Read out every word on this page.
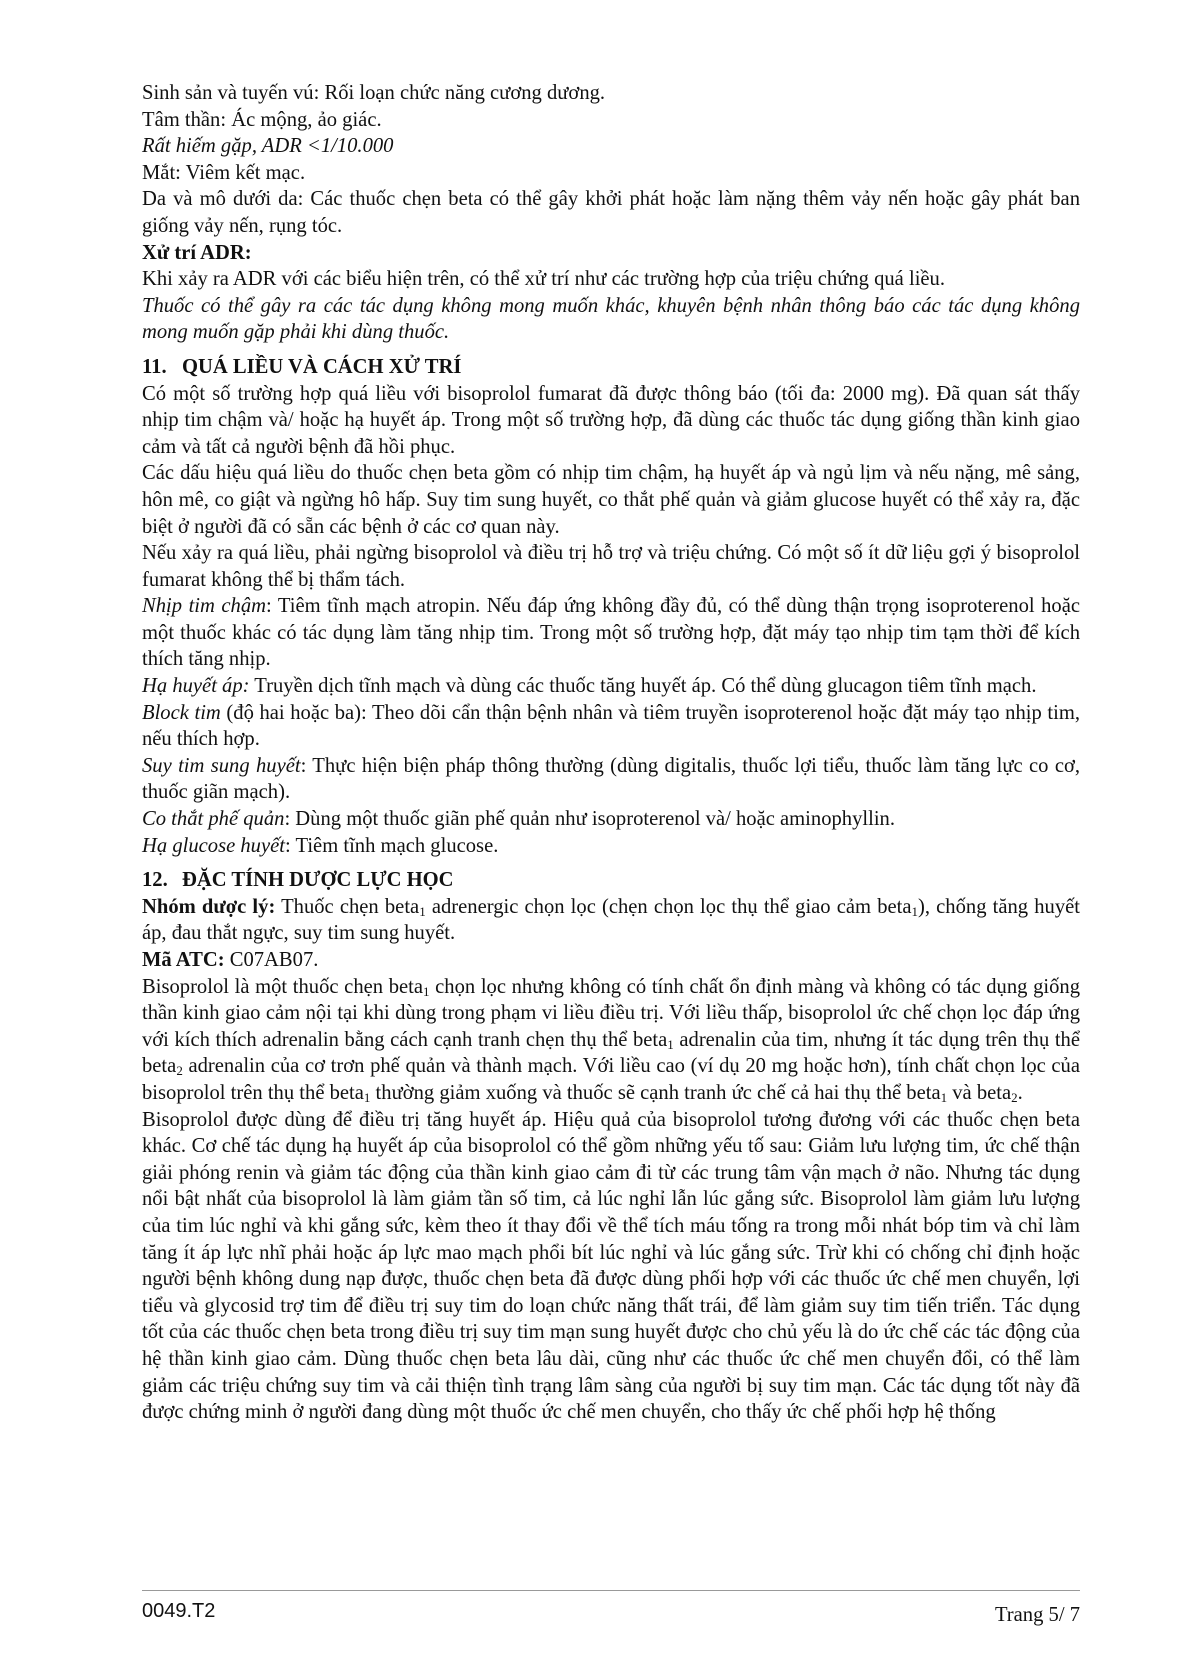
Sinh sản và tuyến vú: Rối loạn chức năng cương dương.

Tâm thần: Ác mộng, ảo giác.

Rất hiếm gặp, ADR <1/10.000

Mắt: Viêm kết mạc.

Da và mô dưới da: Các thuốc chẹn beta có thể gây khởi phát hoặc làm nặng thêm vảy nến hoặc gây phát ban giống vảy nến, rụng tóc.

Xử trí ADR:

Khi xảy ra ADR với các biểu hiện trên, có thể xử trí như các trường hợp của triệu chứng quá liều.

Thuốc có thể gây ra các tác dụng không mong muốn khác, khuyên bệnh nhân thông báo các tác dụng không mong muốn gặp phải khi dùng thuốc.

11. QUÁ LIỀU VÀ CÁCH XỬ TRÍ

Có một số trường hợp quá liều với bisoprolol fumarat đã được thông báo (tối đa: 2000 mg). Đã quan sát thấy nhịp tim chậm và/ hoặc hạ huyết áp. Trong một số trường hợp, đã dùng các thuốc tác dụng giống thần kinh giao cảm và tất cả người bệnh đã hồi phục.

Các dấu hiệu quá liều do thuốc chẹn beta gồm có nhịp tim chậm, hạ huyết áp và ngủ lịm và nếu nặng, mê sảng, hôn mê, co giật và ngừng hô hấp. Suy tim sung huyết, co thắt phế quản và giảm glucose huyết có thể xảy ra, đặc biệt ở người đã có sẵn các bệnh ở các cơ quan này.

Nếu xảy ra quá liều, phải ngừng bisoprolol và điều trị hỗ trợ và triệu chứng. Có một số ít dữ liệu gợi ý bisoprolol fumarat không thể bị thẩm tách.

Nhịp tim chậm: Tiêm tĩnh mạch atropin. Nếu đáp ứng không đầy đủ, có thể dùng thận trọng isoproterenol hoặc một thuốc khác có tác dụng làm tăng nhịp tim. Trong một số trường hợp, đặt máy tạo nhịp tim tạm thời để kích thích tăng nhịp.

Hạ huyết áp: Truyền dịch tĩnh mạch và dùng các thuốc tăng huyết áp. Có thể dùng glucagon tiêm tĩnh mạch.

Block tim (độ hai hoặc ba): Theo dõi cẩn thận bệnh nhân và tiêm truyền isoproterenol hoặc đặt máy tạo nhịp tim, nếu thích hợp.

Suy tim sung huyết: Thực hiện biện pháp thông thường (dùng digitalis, thuốc lợi tiểu, thuốc làm tăng lực co cơ, thuốc giãn mạch).

Co thắt phế quản: Dùng một thuốc giãn phế quản như isoproterenol và/ hoặc aminophyllin.

Hạ glucose huyết: Tiêm tĩnh mạch glucose.

12. ĐẶC TÍNH DƯỢC LỰC HỌC

Nhóm dược lý: Thuốc chẹn beta$_1$ adrenergic chọn lọc (chẹn chọn lọc thụ thể giao cảm beta$_1$), chống tăng huyết áp, đau thắt ngực, suy tim sung huyết.

Mã ATC: C07AB07.

Bisoprolol là một thuốc chẹn beta$_1$ chọn lọc nhưng không có tính chất ổn định màng và không có tác dụng giống thần kinh giao cảm nội tại khi dùng trong phạm vi liều điều trị. Với liều thấp, bisoprolol ức chế chọn lọc đáp ứng với kích thích adrenalin bằng cách cạnh tranh chẹn thụ thể beta$_1$ adrenalin của tim, nhưng ít tác dụng trên thụ thể beta$_2$ adrenalin của cơ trơn phế quản và thành mạch. Với liều cao (ví dụ 20 mg hoặc hơn), tính chất chọn lọc của bisoprolol trên thụ thể beta$_1$ thường giảm xuống và thuốc sẽ cạnh tranh ức chế cả hai thụ thể beta$_1$ và beta$_2$.

Bisoprolol được dùng để điều trị tăng huyết áp. Hiệu quả của bisoprolol tương đương với các thuốc chẹn beta khác. Cơ chế tác dụng hạ huyết áp của bisoprolol có thể gồm những yếu tố sau: Giảm lưu lượng tim, ức chế thận giải phóng renin và giảm tác động của thần kinh giao cảm đi từ các trung tâm vận mạch ở não. Nhưng tác dụng nổi bật nhất của bisoprolol là làm giảm tần số tim, cả lúc nghỉ lẫn lúc gắng sức. Bisoprolol làm giảm lưu lượng của tim lúc nghỉ và khi gắng sức, kèm theo ít thay đổi về thể tích máu tống ra trong mỗi nhát bóp tim và chỉ làm tăng ít áp lực nhĩ phải hoặc áp lực mao mạch phổi bít lúc nghỉ và lúc gắng sức. Trừ khi có chống chỉ định hoặc người bệnh không dung nạp được, thuốc chẹn beta đã được dùng phối hợp với các thuốc ức chế men chuyển, lợi tiểu và glycosid trợ tim để điều trị suy tim do loạn chức năng thất trái, để làm giảm suy tim tiến triển. Tác dụng tốt của các thuốc chẹn beta trong điều trị suy tim mạn sung huyết được cho chủ yếu là do ức chế các tác động của hệ thần kinh giao cảm. Dùng thuốc chẹn beta lâu dài, cũng như các thuốc ức chế men chuyển đổi, có thể làm giảm các triệu chứng suy tim và cải thiện tình trạng lâm sàng của người bị suy tim mạn. Các tác dụng tốt này đã được chứng minh ở người đang dùng một thuốc ức chế men chuyển, cho thấy ức chế phối hợp hệ thống

0049.T2	Trang 5/ 7
